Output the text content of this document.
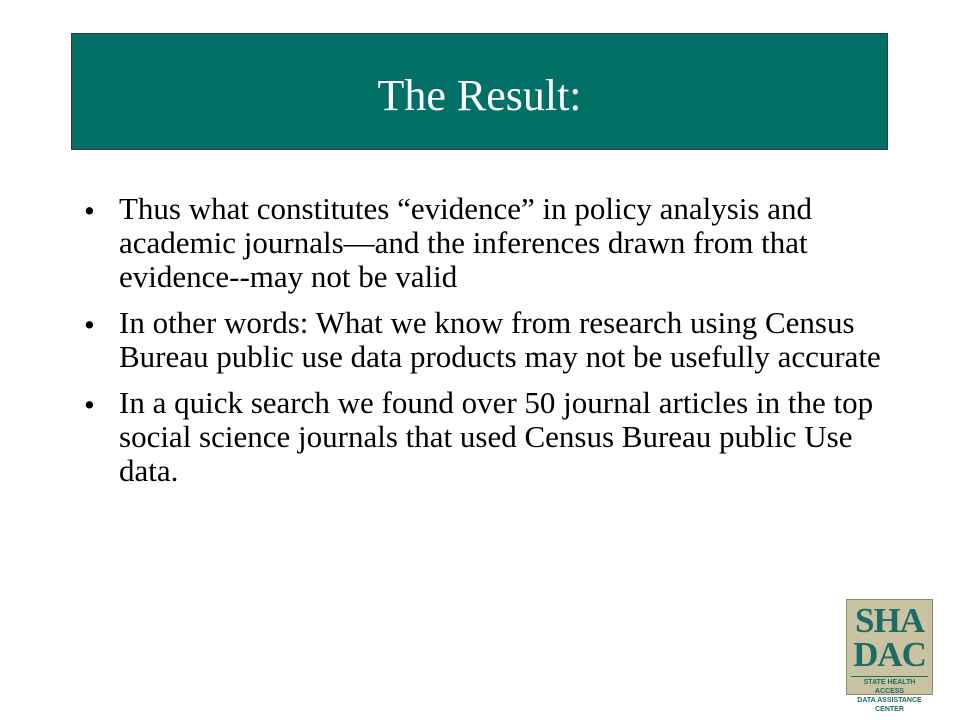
The Result:
• Thus what constitutes “evidence” in policy analysis and academic journals—and the inferences drawn from that evidence--may not be valid
• In other words: What we know from research using Census Bureau public use data products may not be usefully accurate
• In a quick search we found over 50 journal articles in the top social science journals that used Census Bureau public Use data.
SHA
DAC
STATE HEALTH ACCESS
DATA ASSISTANCE CENTER
